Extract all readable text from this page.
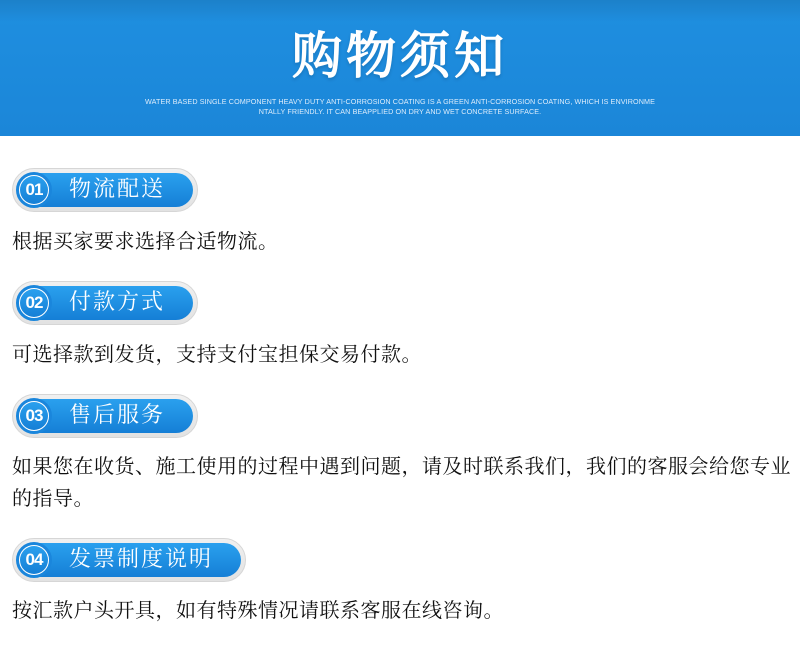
购物须知
WATER BASED SINGLE COMPONENT HEAVY DUTY ANTI-CORROSION COATING IS A GREEN ANTI-CORROSION COATING, WHICH IS ENVIRONME NTALLY FRIENDLY. IT CAN BEAPPLIED ON DRY AND WET CONCRETE SURFACE.
01 物流配送
根据买家要求选择合适物流。
02 付款方式
可选择款到发货，支持支付宝担保交易付款。
03 售后服务
如果您在收货、施工使用的过程中遇到问题，请及时联系我们，我们的客服会给您专业的指导。
04 发票制度说明
按汇款户头开具，如有特殊情况请联系客服在线咨询。
